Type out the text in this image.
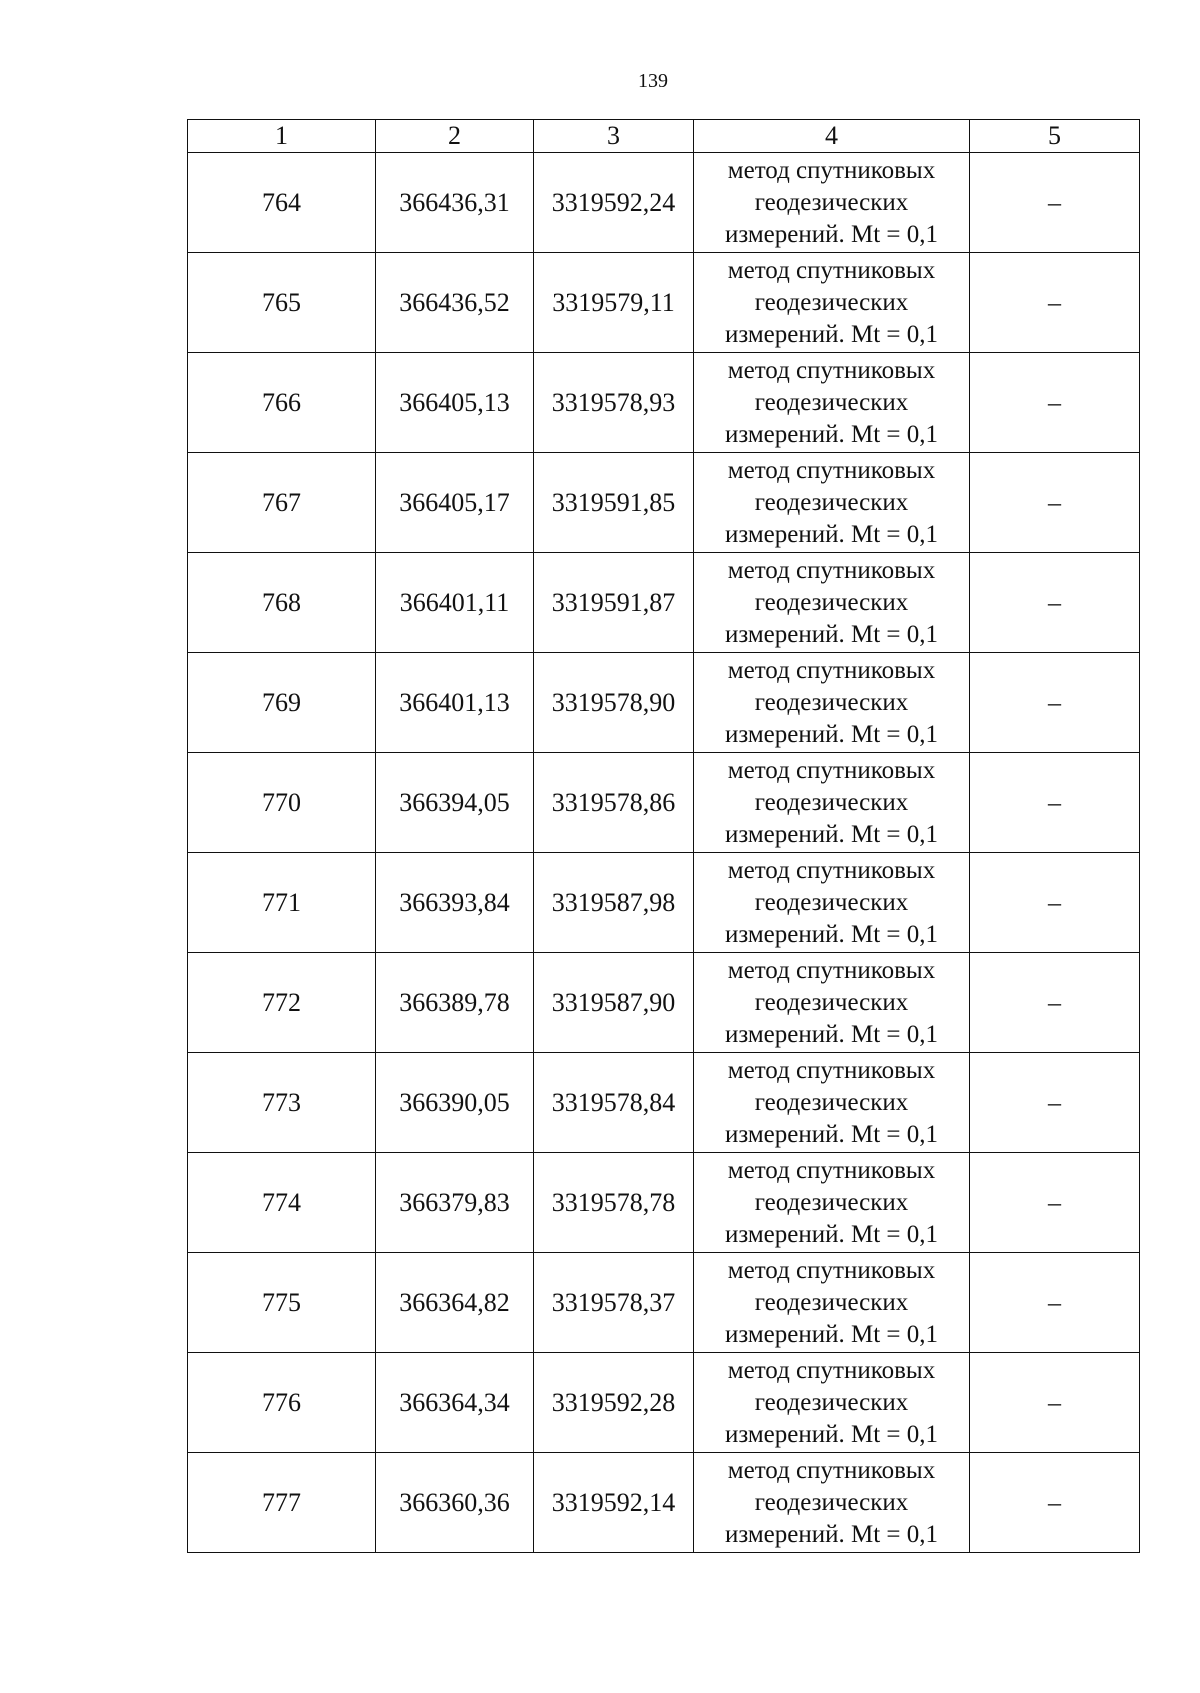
139
1	2	3	4	5
764	366436,31	3319592,24	метод спутниковых
геодезических
измерений. Mt = 0,1	–
765	366436,52	3319579,11	метод спутниковых
геодезических
измерений. Mt = 0,1	–
766	366405,13	3319578,93	метод спутниковых
геодезических
измерений. Mt = 0,1	–
767	366405,17	3319591,85	метод спутниковых
геодезических
измерений. Mt = 0,1	–
768	366401,11	3319591,87	метод спутниковых
геодезических
измерений. Mt = 0,1	–
769	366401,13	3319578,90	метод спутниковых
геодезических
измерений. Mt = 0,1	–
770	366394,05	3319578,86	метод спутниковых
геодезических
измерений. Mt = 0,1	–
771	366393,84	3319587,98	метод спутниковых
геодезических
измерений. Mt = 0,1	–
772	366389,78	3319587,90	метод спутниковых
геодезических
измерений. Mt = 0,1	–
773	366390,05	3319578,84	метод спутниковых
геодезических
измерений. Mt = 0,1	–
774	366379,83	3319578,78	метод спутниковых
геодезических
измерений. Mt = 0,1	–
775	366364,82	3319578,37	метод спутниковых
геодезических
измерений. Mt = 0,1	–
776	366364,34	3319592,28	метод спутниковых
геодезических
измерений. Mt = 0,1	–
777	366360,36	3319592,14	метод спутниковых
геодезических
измерений. Mt = 0,1	–
